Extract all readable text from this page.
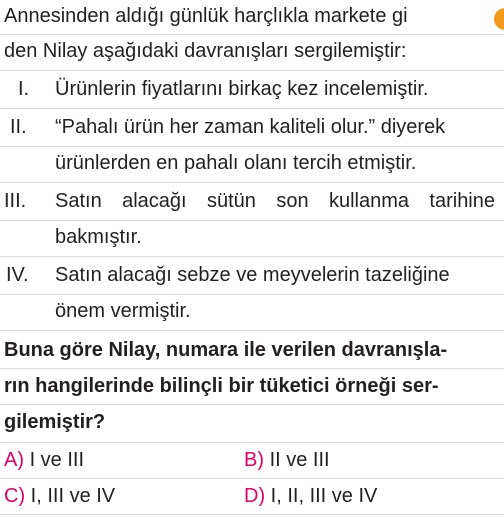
Annesinden aldığı günlük harçlıkla markete gi
den Nilay aşağıdaki davranışları sergilemiştir:
I. Ürünlerin fiyatlarını birkaç kez incelemiştir.
II. “Pahalı ürün her zaman kaliteli olur.” diyerek
ürünlerden en pahalı olanı tercih etmiştir.
III. Satın alacağı sütün son kullanma tarihine
bakmıştır.
IV. Satın alacağı sebze ve meyvelerin tazeliğine
önem vermiştir.
Buna göre Nilay, numara ile verilen davranışla-
rın hangilerinde bilinçli bir tüketici örneği ser-
gilemiştir?
A) I ve III	B) II ve III
C) I, III ve IV	D) I, II, III ve IV
